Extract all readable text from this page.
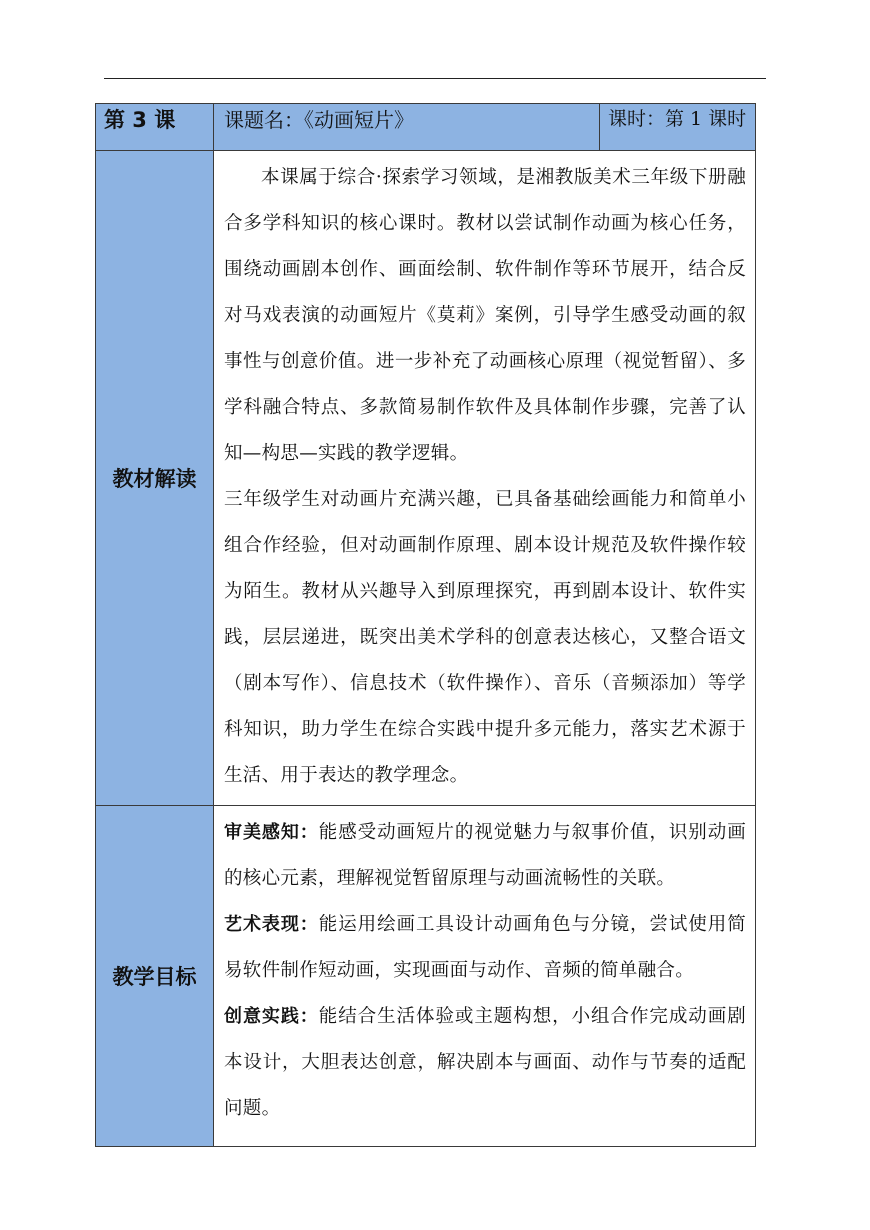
第 3 课	课题名：《动画短片》	课时：第 1 课时
教材解读	本课属于综合·探索学习领域，是湘教版美术三年级下册融合多学科知识的核心课时。教材以尝试制作动画为核心任务，围绕动画剧本创作、画面绘制、软件制作等环节展开，结合反对马戏表演的动画短片《莫莉》案例，引导学生感受动画的叙事性与创意价值。进一步补充了动画核心原理（视觉暂留）、多学科融合特点、多款简易制作软件及具体制作步骤，完善了认知—构思—实践的教学逻辑。

三年级学生对动画片充满兴趣，已具备基础绘画能力和简单小组合作经验，但对动画制作原理、剧本设计规范及软件操作较为陌生。教材从兴趣导入到原理探究，再到剧本设计、软件实践，层层递进，既突出美术学科的创意表达核心，又整合语文（剧本写作）、信息技术（软件操作）、音乐（音频添加）等学科知识，助力学生在综合实践中提升多元能力，落实艺术源于生活、用于表达的教学理念。	

教学目标	审美感知：能感受动画短片的视觉魅力与叙事价值，识别动画的核心元素，理解视觉暂留原理与动画流畅性的关联。

艺术表现：能运用绘画工具设计动画角色与分镜，尝试使用简易软件制作短动画，实现画面与动作、音频的简单融合。

创意实践：能结合生活体验或主题构想，小组合作完成动画剧本设计，大胆表达创意，解决剧本与画面、动作与节奏的适配问题。	
